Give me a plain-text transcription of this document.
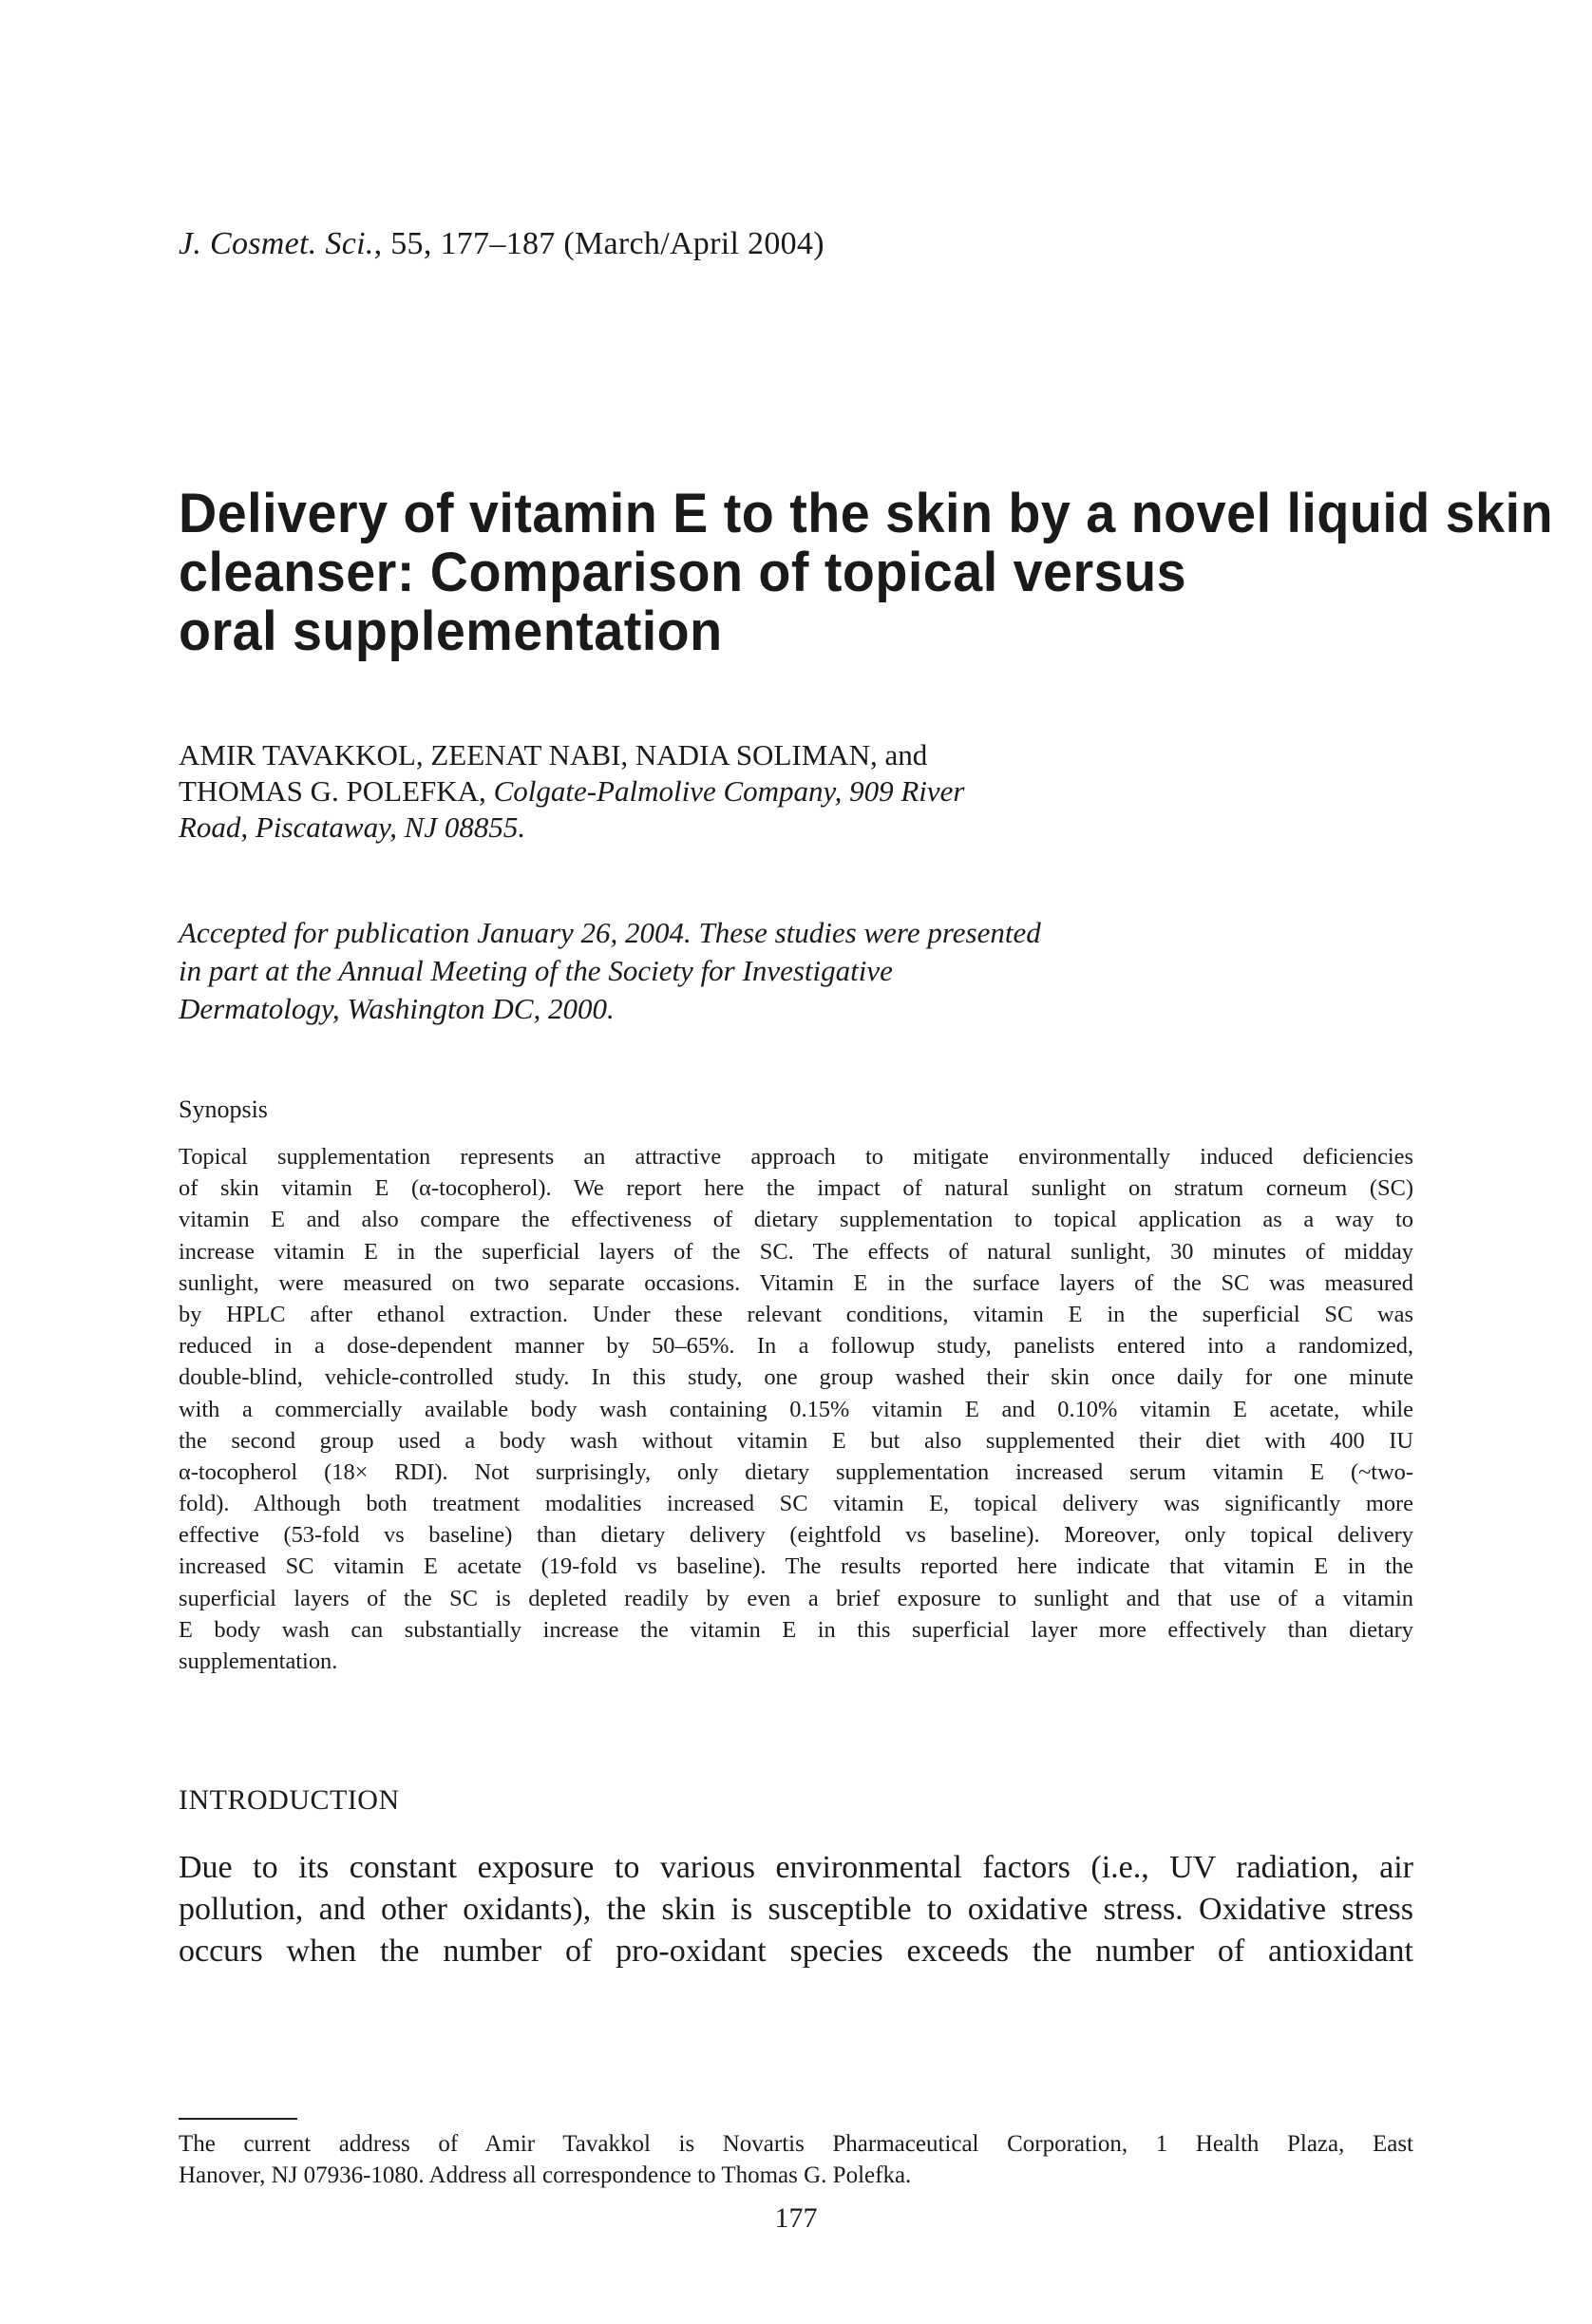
J. Cosmet. Sci., 55, 177–187 (March/April 2004)
Delivery of vitamin E to the skin by a novel liquid skin
cleanser: Comparison of topical versus
oral supplementation
AMIR TAVAKKOL, ZEENAT NABI, NADIA SOLIMAN, and
THOMAS G. POLEFKA, Colgate-Palmolive Company, 909 River
Road, Piscataway, NJ 08855.
Accepted for publication January 26, 2004. These studies were presented
in part at the Annual Meeting of the Society for Investigative
Dermatology, Washington DC, 2000.
Synopsis
Topical supplementation represents an attractive approach to mitigate environmentally induced deficiencies
of skin vitamin E (α-tocopherol). We report here the impact of natural sunlight on stratum corneum (SC)
vitamin E and also compare the effectiveness of dietary supplementation to topical application as a way to
increase vitamin E in the superficial layers of the SC. The effects of natural sunlight, 30 minutes of midday
sunlight, were measured on two separate occasions. Vitamin E in the surface layers of the SC was measured
by HPLC after ethanol extraction. Under these relevant conditions, vitamin E in the superficial SC was
reduced in a dose-dependent manner by 50–65%. In a followup study, panelists entered into a randomized,
double-blind, vehicle-controlled study. In this study, one group washed their skin once daily for one minute
with a commercially available body wash containing 0.15% vitamin E and 0.10% vitamin E acetate, while
the second group used a body wash without vitamin E but also supplemented their diet with 400 IU
α-tocopherol (18× RDI). Not surprisingly, only dietary supplementation increased serum vitamin E (~two-
fold). Although both treatment modalities increased SC vitamin E, topical delivery was significantly more
effective (53-fold vs baseline) than dietary delivery (eightfold vs baseline). Moreover, only topical delivery
increased SC vitamin E acetate (19-fold vs baseline). The results reported here indicate that vitamin E in the
superficial layers of the SC is depleted readily by even a brief exposure to sunlight and that use of a vitamin
E body wash can substantially increase the vitamin E in this superficial layer more effectively than dietary
supplementation.
INTRODUCTION
Due to its constant exposure to various environmental factors (i.e., UV radiation, air
pollution, and other oxidants), the skin is susceptible to oxidative stress. Oxidative stress
occurs when the number of pro-oxidant species exceeds the number of antioxidant
The current address of Amir Tavakkol is Novartis Pharmaceutical Corporation, 1 Health Plaza, East
Hanover, NJ 07936-1080. Address all correspondence to Thomas G. Polefka.
177
